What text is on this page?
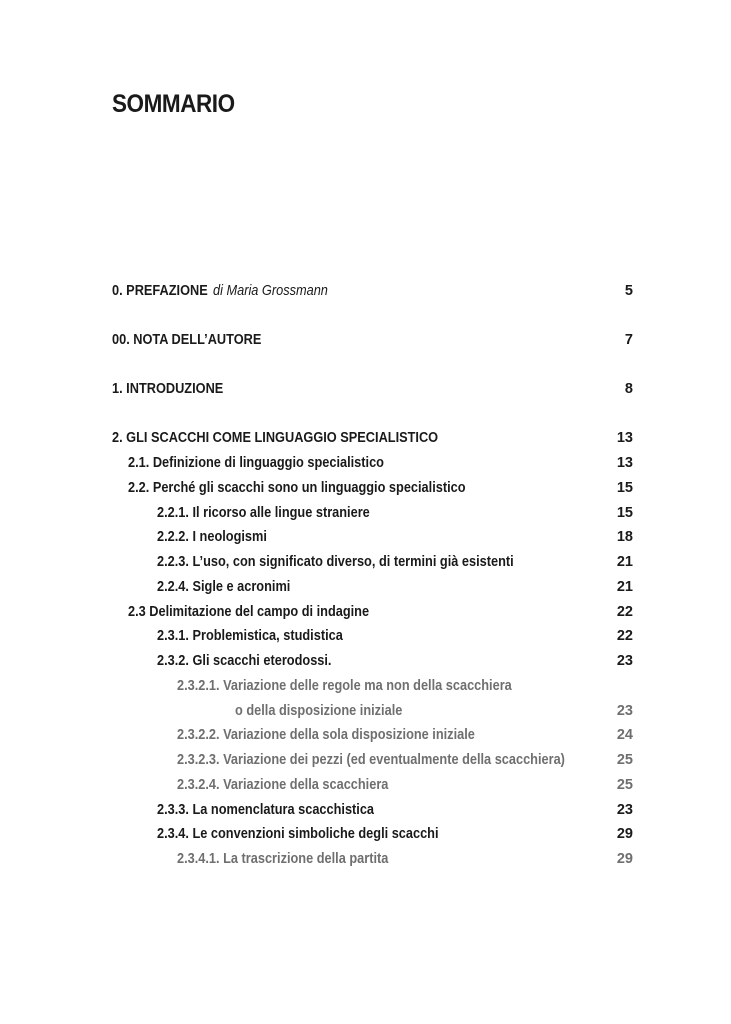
SOMMARIO
0. PREFAZIONE di Maria Grossmann	5
00. NOTA DELL’AUTORE	7
1. INTRODUZIONE	8
2. GLI SCACCHI COME LINGUAGGIO SPECIALISTICO	13
2.1. Definizione di linguaggio specialistico	13
2.2. Perché gli scacchi sono un linguaggio specialistico	15
2.2.1. Il ricorso alle lingue straniere	15
2.2.2. I neologismi	18
2.2.3. L’uso, con significato diverso, di termini già esistenti	21
2.2.4. Sigle e acronimi	21
2.3 Delimitazione del campo di indagine	22
2.3.1. Problemistica, studistica	22
2.3.2. Gli scacchi eterodossi.	23
2.3.2.1. Variazione delle regole ma non della scacchiera
o della disposizione iniziale	23
2.3.2.2. Variazione della sola disposizione iniziale	24
2.3.2.3. Variazione dei pezzi (ed eventualmente della scacchiera)	25
2.3.2.4. Variazione della scacchiera	25
2.3.3. La nomenclatura scacchistica	23
2.3.4. Le convenzioni simboliche degli scacchi	29
2.3.4.1. La trascrizione della partita	29
